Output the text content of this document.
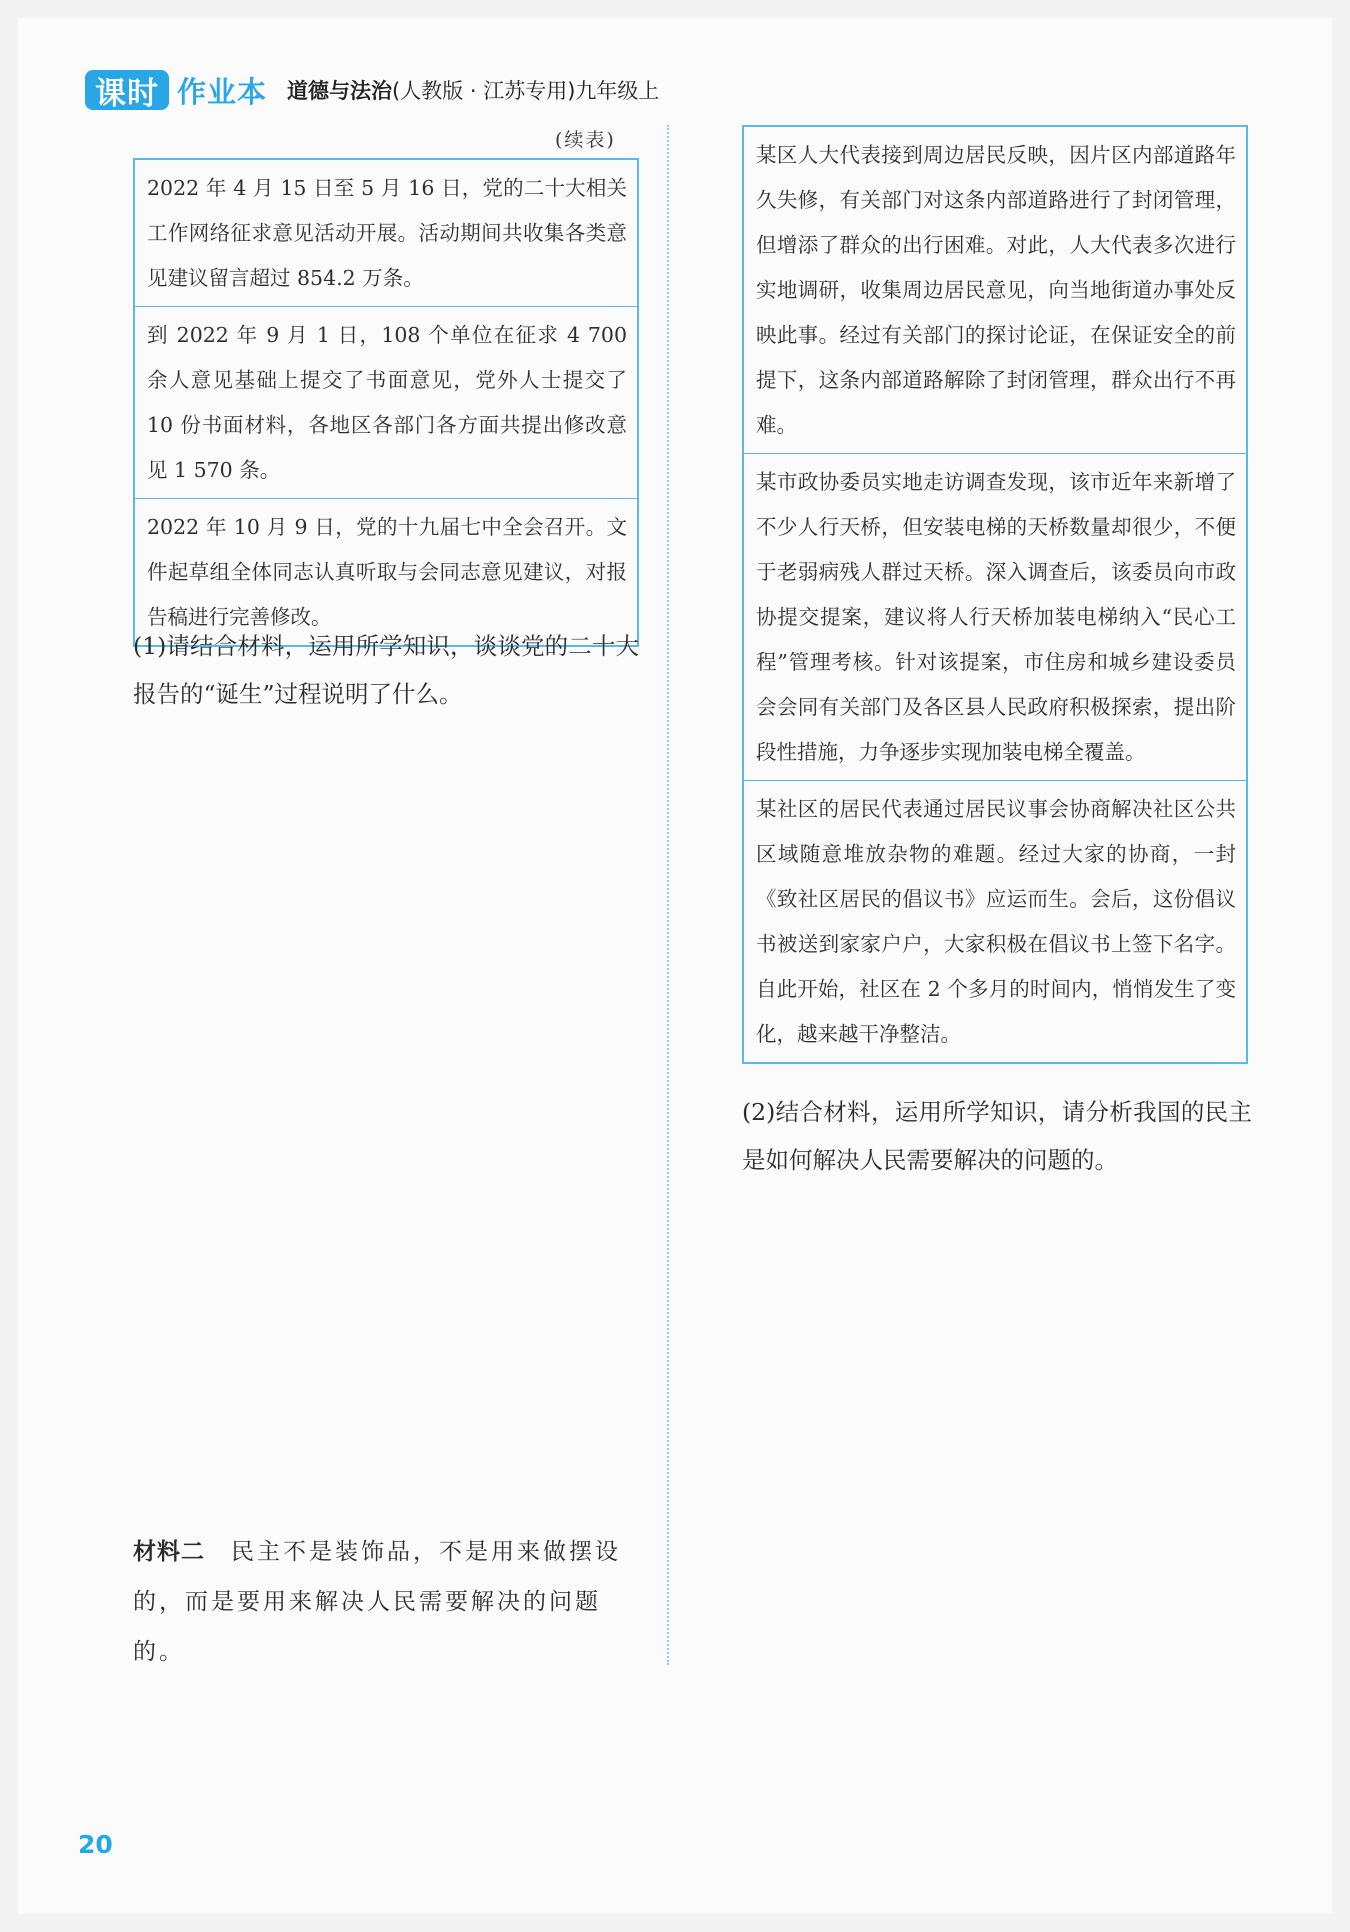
课时 作业本 道德与法治(人教版 · 江苏专用)九年级上
(续表)
2022 年 4 月 15 日至 5 月 16 日，党的二十大相关工作网络征求意见活动开展。活动期间共收集各类意见建议留言超过 854.2 万条。
到 2022 年 9 月 1 日，108 个单位在征求 4 700 余人意见基础上提交了书面意见，党外人士提交了 10 份书面材料，各地区各部门各方面共提出修改意见 1 570 条。
2022 年 10 月 9 日，党的十九届七中全会召开。文件起草组全体同志认真听取与会同志意见建议，对报告稿进行完善修改。
(1)请结合材料，运用所学知识，谈谈党的二十大报告的“诞生”过程说明了什么。
材料二 民主不是装饰品，不是用来做摆设的，而是要用来解决人民需要解决的问题的。
某区人大代表接到周边居民反映，因片区内部道路年久失修，有关部门对这条内部道路进行了封闭管理，但增添了群众的出行困难。对此，人大代表多次进行实地调研，收集周边居民意见，向当地街道办事处反映此事。经过有关部门的探讨论证，在保证安全的前提下，这条内部道路解除了封闭管理，群众出行不再难。
某市政协委员实地走访调查发现，该市近年来新增了不少人行天桥，但安装电梯的天桥数量却很少，不便于老弱病残人群过天桥。深入调查后，该委员向市政协提交提案，建议将人行天桥加装电梯纳入“民心工程”管理考核。针对该提案，市住房和城乡建设委员会会同有关部门及各区县人民政府积极探索，提出阶段性措施，力争逐步实现加装电梯全覆盖。
某社区的居民代表通过居民议事会协商解决社区公共区域随意堆放杂物的难题。经过大家的协商，一封《致社区居民的倡议书》应运而生。会后，这份倡议书被送到家家户户，大家积极在倡议书上签下名字。自此开始，社区在 2 个多月的时间内，悄悄发生了变化，越来越干净整洁。
(2)结合材料，运用所学知识，请分析我国的民主是如何解决人民需要解决的问题的。
20
